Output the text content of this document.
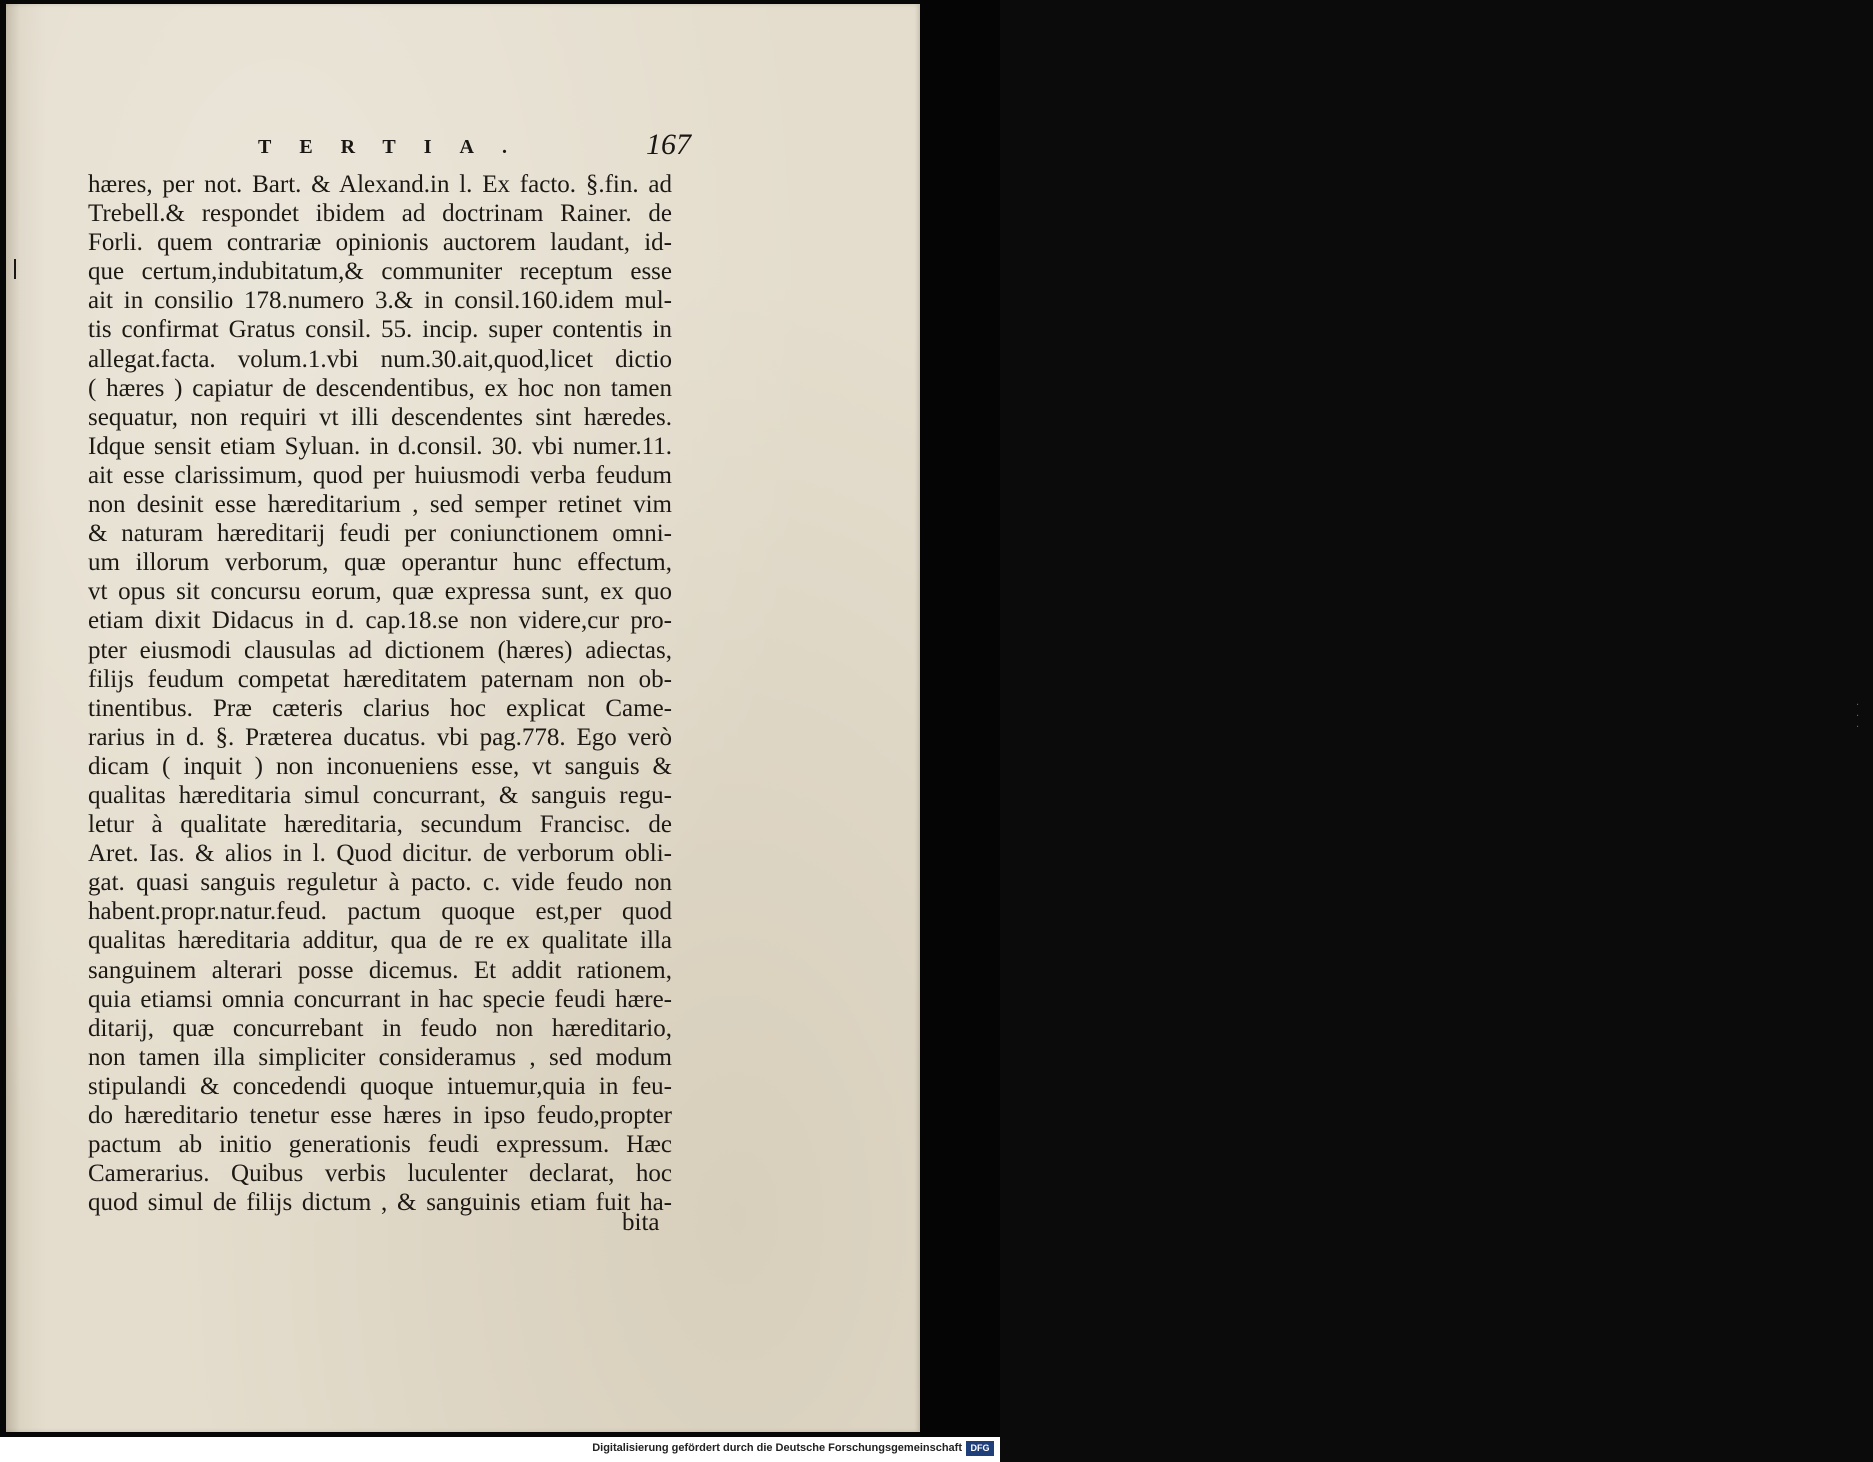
· · ·
TERTIA.	167
hæres, per not. Bart. & Alexand.in l. Ex facto. §.fin. ad
Trebell.& respondet ibidem ad doctrinam Rainer. de
Forli. quem contrariæ opinionis auctorem laudant, id-
que certum,indubitatum,& communiter receptum esse
ait in consilio 178.numero 3.& in consil.160.idem mul-
tis confirmat Gratus consil. 55. incip. super contentis in
allegat.facta. volum.1.vbi num.30.ait,quod,licet dictio
( hæres ) capiatur de descendentibus, ex hoc non tamen
sequatur, non requiri vt illi descendentes sint hæredes.
Idque sensit etiam Syluan. in d.consil. 30. vbi numer.11.
ait esse clarissimum, quod per huiusmodi verba feudum
non desinit esse hæreditarium , sed semper retinet vim
& naturam hæreditarij feudi per coniunctionem omni-
um illorum verborum, quæ operantur hunc effectum,
vt opus sit concursu eorum, quæ expressa sunt, ex quo
etiam dixit Didacus in d. cap.18.se non videre,cur pro-
pter eiusmodi clausulas ad dictionem (hæres) adiectas,
filijs feudum competat hæreditatem paternam non ob-
tinentibus. Præ cæteris clarius hoc explicat Came-
rarius in d. §. Præterea ducatus. vbi pag.778. Ego verò
dicam ( inquit ) non inconueniens esse, vt sanguis &
qualitas hæreditaria simul concurrant, & sanguis regu-
letur à qualitate hæreditaria, secundum Francisc. de
Aret. Ias. & alios in l. Quod dicitur. de verborum obli-
gat. quasi sanguis reguletur à pacto. c. vide feudo non
habent.propr.natur.feud. pactum quoque est,per quod
qualitas hæreditaria additur, qua de re ex qualitate illa
sanguinem alterari posse dicemus. Et addit rationem,
quia etiamsi omnia concurrant in hac specie feudi hære-
ditarij, quæ concurrebant in feudo non hæreditario,
non tamen illa simpliciter consideramus , sed modum
stipulandi & concedendi quoque intuemur,quia in feu-
do hæreditario tenetur esse hæres in ipso feudo,propter
pactum ab initio generationis feudi expressum. Hæc
Camerarius. Quibus verbis luculenter declarat, hoc
quod simul de filijs dictum , & sanguinis etiam fuit ha-
bita
Digitalisierung gefördert durch die Deutsche Forschungsgemeinschaft DFG
